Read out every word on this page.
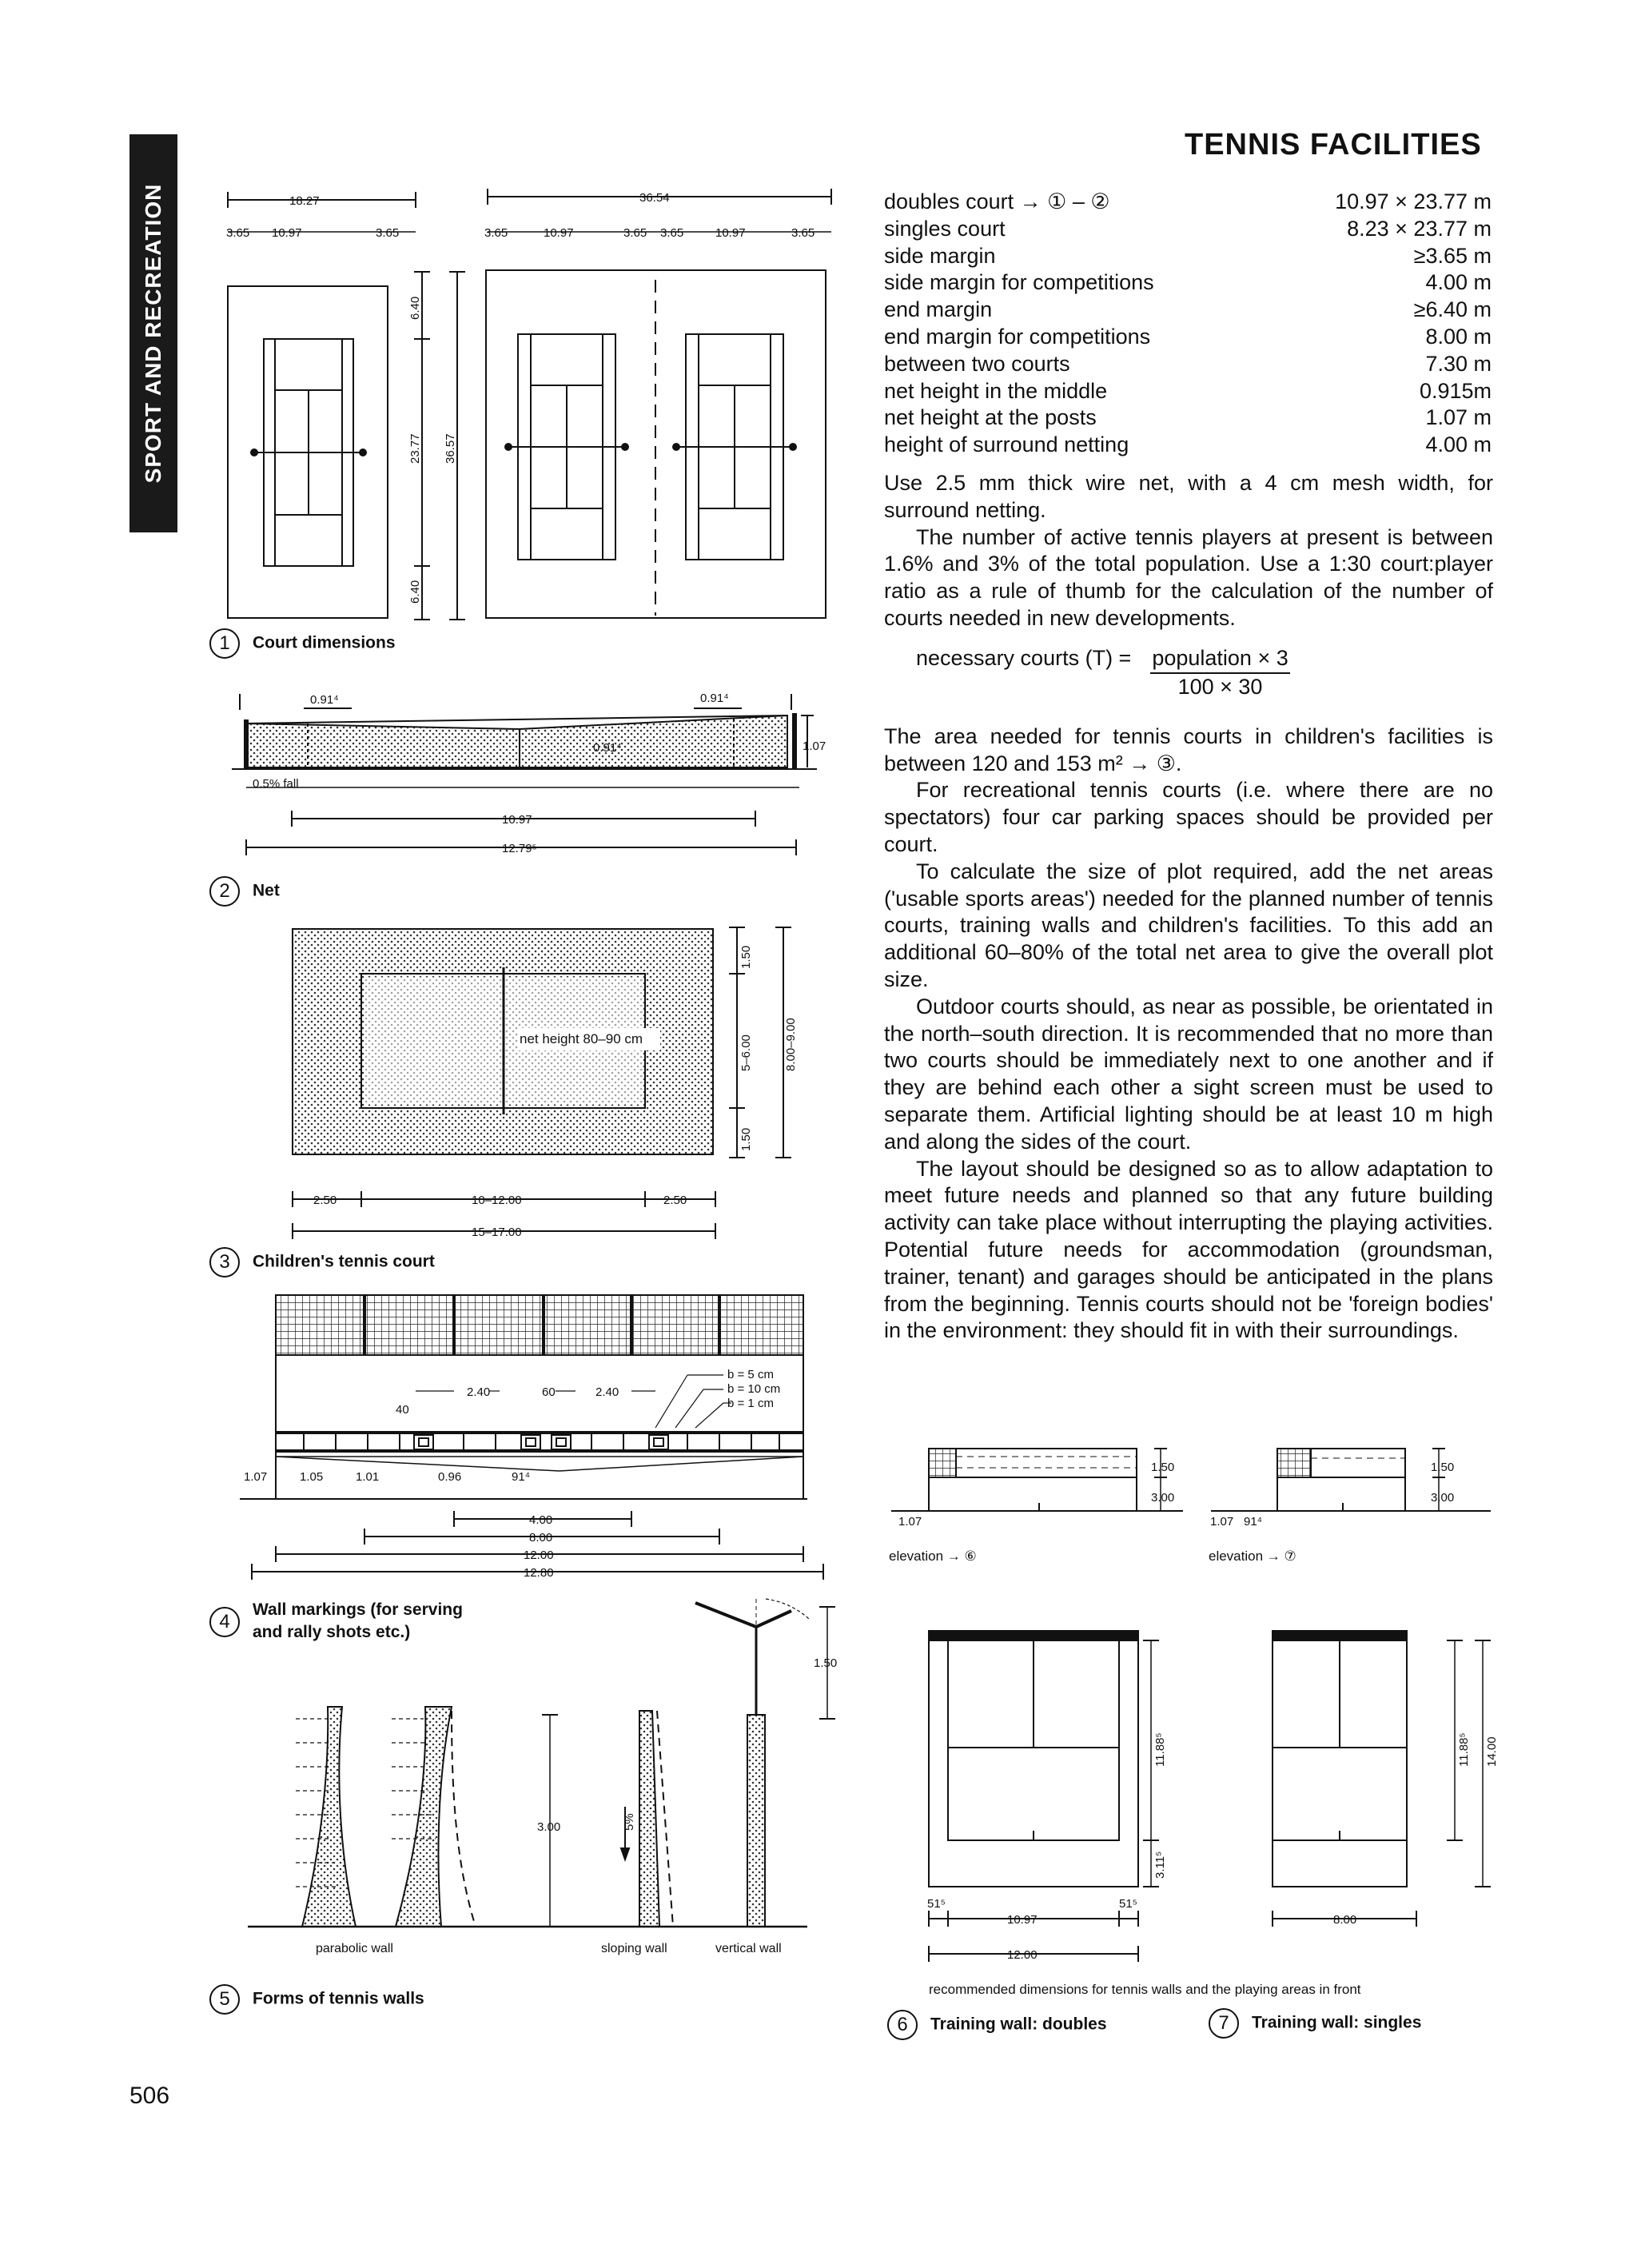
SPORT AND RECREATION
TENNIS FACILITIES
doubles court → ① – ②	10.97 × 23.77 m
singles court	8.23 × 23.77 m
side margin	≥3.65 m
side margin for competitions	4.00 m
end margin	≥6.40 m
end margin for competitions	8.00 m
between two courts	7.30 m
net height in the middle	0.915m
net height at the posts	1.07 m
height of surround netting	4.00 m

Use 2.5 mm thick wire net, with a 4 cm mesh width, for surround netting.

The number of active tennis players at present is between 1.6% and 3% of the total population. Use a 1:30 court:player ratio as a rule of thumb for the calculation of the number of courts needed in new developments.

necessary courts $(T) = \frac{\text{population × 3}}{100 \times 30}$

The area needed for tennis courts in children's facilities is between 120 and 153 m² → ③.

For recreational tennis courts (i.e. where there are no spectators) four car parking spaces should be provided per court.

To calculate the size of plot required, add the net areas ('usable sports areas') needed for the planned number of tennis courts, training walls and children's facilities. To this add an additional 60–80% of the total net area to give the overall plot size.

Outdoor courts should, as near as possible, be orientated in the north–south direction. It is recommended that no more than two courts should be immediately next to one another and if they are behind each other a sight screen must be used to separate them. Artificial lighting should be at least 10 m high and along the sides of the court.

The layout should be designed so as to allow adaptation to meet future needs and planned so that any future building activity can take place without interrupting the playing activities. Potential future needs for accommodation (groundsman, trainer, tenant) and garages should be anticipated in the plans from the beginning. Tennis courts should not be 'foreign bodies' in the environment: they should fit in with their surroundings.

18.27
3.65 10.97	3.65
36.54
3.65	10.97	3.65 3.65	10.97	3.65
6.40
23.77 36.57
6.40
0.91⁴	0.91⁴
0.91⁴	1.07
0.5% fall
10.97
12.79⁵
net height 80–90 cm
1.50
5–6.00
1.50
8.00–9.00
2.50	10–12.00	2.50
15–17.00
b = 5 cm
b = 10 cm
b = 1 cm
2.40	60	2.40
40
1.07	1.05	1.01	0.96	91⁴
4.00
8.00
12.00
12.80
parabolic wall	sloping wall	vertical wall
3.00	5%
1.50
1.50
3.00
1.07
elevation → ⑥
1.50
3.00
1.07 91⁴
elevation → ⑦
51⁵	51⁵
10.97
12.00
11.88⁵
3.11⁵
8.00
11.88⁵ 14.00
recommended dimensions for tennis walls and the playing areas in front
1 Court dimensions
2 Net
3 Children's tennis court
4
Wall markings (for serving
and rally shots etc.)
5 Forms of tennis walls
6 Training wall: doubles	7 Training wall: singles
506
